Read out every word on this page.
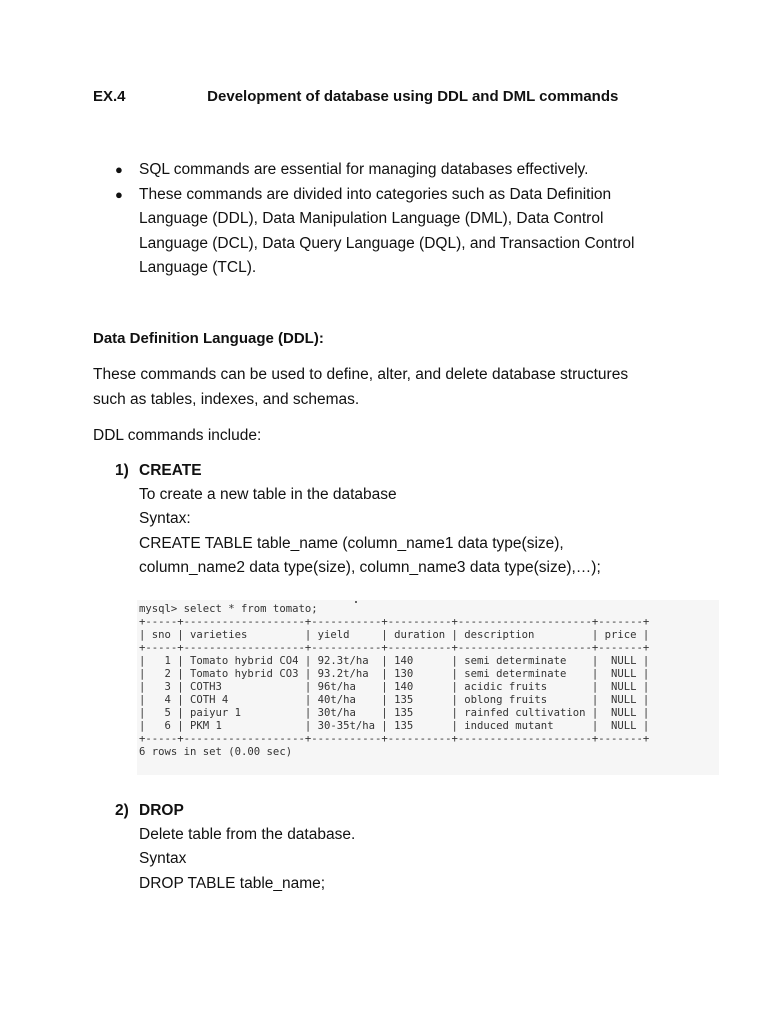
EX.4	Development of database using DDL and DML commands
● SQL commands are essential for managing databases effectively.
● These commands are divided into categories such as Data Definition Language (DDL), Data Manipulation Language (DML), Data Control Language (DCL), Data Query Language (DQL), and Transaction Control Language (TCL).
Data Definition Language (DDL):
These commands can be used to define, alter, and delete database structures
such as tables, indexes, and schemas.
DDL commands include:
1) CREATE
To create a new table in the database
Syntax:
CREATE TABLE table_name (column_name1 data type(size),
column_name2 data type(size), column_name3 data type(size),…);
mysql> select * from tomato;
+-----+-------------------+-----------+----------+---------------------+-------+
| sno | varieties         | yield     | duration | description         | price |
+-----+-------------------+-----------+----------+---------------------+-------+
|   1 | Tomato hybrid CO4 | 92.3t/ha  | 140      | semi determinate    |  NULL |
|   2 | Tomato hybrid CO3 | 93.2t/ha  | 130      | semi determinate    |  NULL |
|   3 | COTH3             | 96t/ha    | 140      | acidic fruits       |  NULL |
|   4 | COTH 4            | 40t/ha    | 135      | oblong fruits       |  NULL |
|   5 | paiyur 1          | 30t/ha    | 135      | rainfed cultivation |  NULL |
|   6 | PKM 1             | 30-35t/ha | 135      | induced mutant      |  NULL |
+-----+-------------------+-----------+----------+---------------------+-------+
6 rows in set (0.00 sec)
2) DROP
Delete table from the database.
Syntax
DROP TABLE table_name;
